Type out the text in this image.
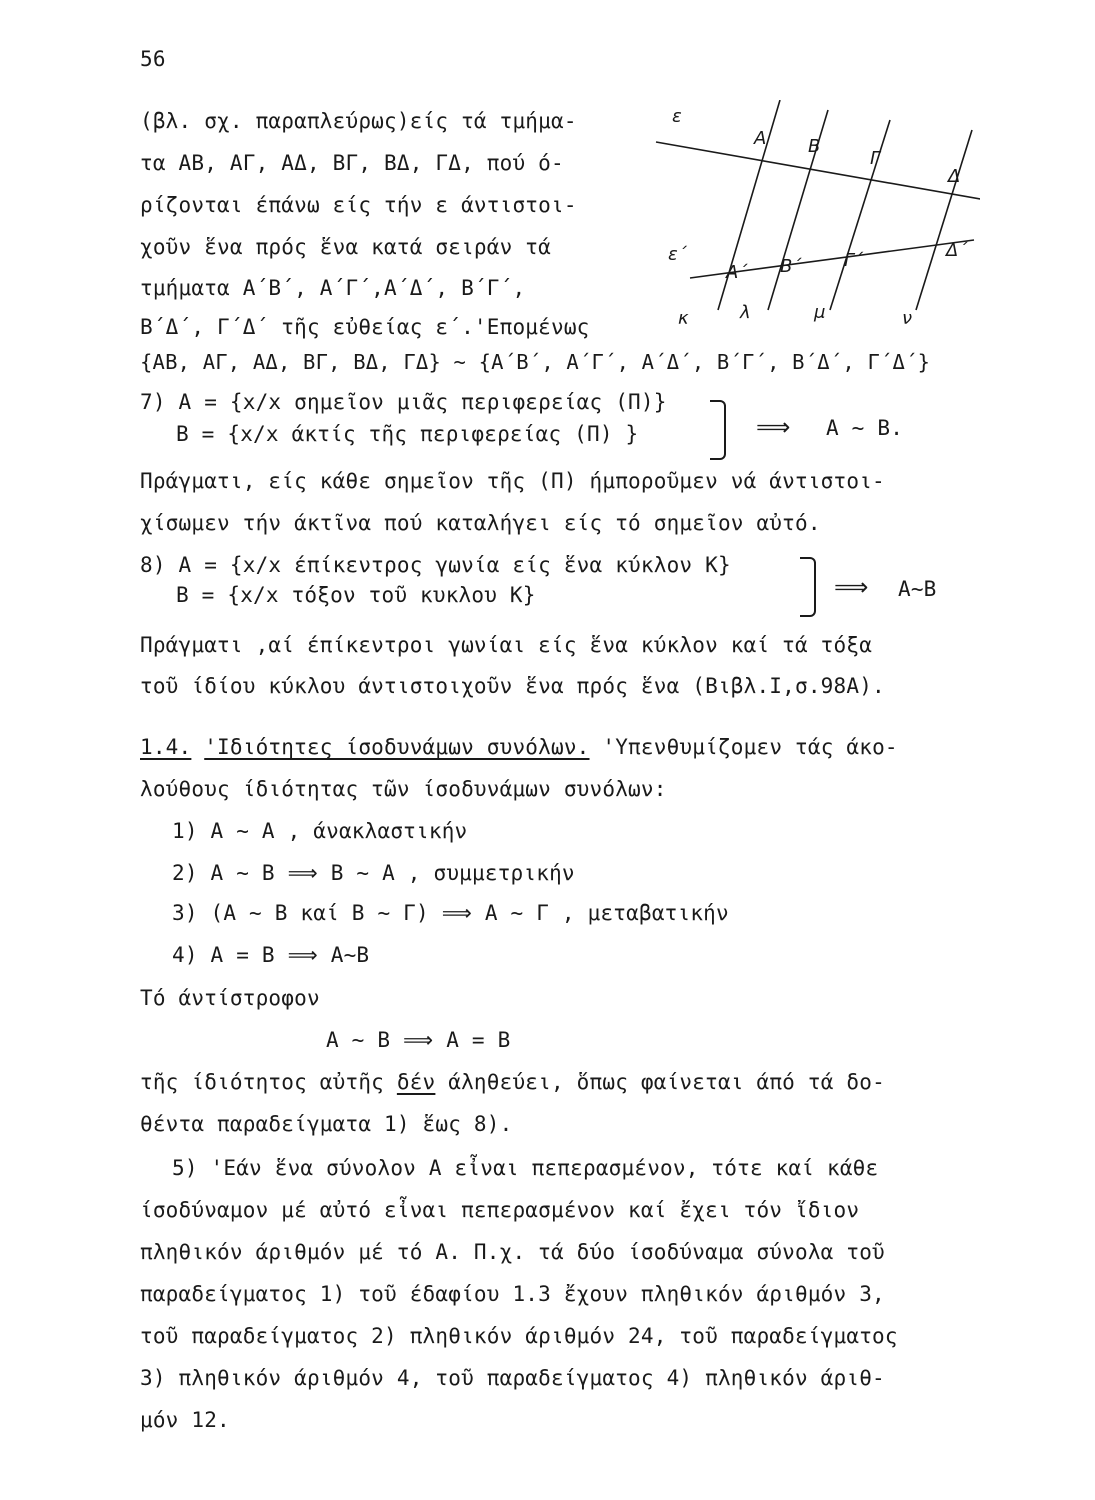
56
(βλ. σχ. παραπλεύρως)είς τά τμήμα-
τα ΑΒ, ΑΓ, ΑΔ, ΒΓ, ΒΔ, ΓΔ, πού ό-
ρίζονται έπάνω είς τήν ε άντιστοι-
χοῦν ἕνα πρός ἕνα κατά σειράν τά
τμήματα Α΄Β΄, Α΄Γ΄,Α΄Δ΄, Β΄Γ΄,
Β΄Δ΄, Γ΄Δ΄ τῆς εὐθείας ε΄.'Επομένως
ε
ε΄
Α Β
Γ
Δ
Α΄ Β΄ Γ΄	Δ΄
κ	λ	μ	ν
{ΑΒ, ΑΓ, ΑΔ, ΒΓ, ΒΔ, ΓΔ} ~ {Α΄Β΄, Α΄Γ΄, Α΄Δ΄, Β΄Γ΄, Β΄Δ΄, Γ΄Δ΄}
7) Α = {x/x σημεῖον μιᾶς περιφερείας (Π)}
Β = {x/x άκτίς τῆς περιφερείας (Π) }	⟹ Α ~ Β.
Πράγματι, είς κάθε σημεῖον τῆς (Π) ήμποροῦμεν νά άντιστοι-
χίσωμεν τήν άκτῖνα πού καταλήγει είς τό σημεῖον αὐτό.
8) Α = {x/x έπίκεντρος γωνία είς ἕνα κύκλον Κ}
Β = {x/x τόξον τοῦ κυκλου Κ}	⟹ Α~Β
Πράγματι ,αί έπίκεντροι γωνίαι είς ἕνα κύκλον καί τά τόξα
τοῦ ίδίου κύκλου άντιστοιχοῦν ἕνα πρός ἕνα (Βιβλ.Ι,σ.98Α).
1.4. 'Ιδιότητες ίσοδυνάμων συνόλων. 'Υπενθυμίζομεν τάς άκο-
λούθους ίδιότητας τῶν ίσοδυνάμων συνόλων:
1) Α ~ Α , άνακλαστικήν
2) Α ~ Β ⟹ Β ~ Α , συμμετρικήν
3) (Α ~ Β καί Β ~ Γ) ⟹ Α ~ Γ , μεταβατικήν
4) Α = Β ⟹ Α~Β
Τό άντίστροφον
Α ~ Β ⟹ Α = Β
τῆς ίδιότητος αὐτῆς δέν άληθεύει, ὅπως φαίνεται άπό τά δο-
θέντα παραδείγματα 1) ἕως 8).
5) 'Εάν ἕνα σύνολον Α εἶναι πεπερασμένον, τότε καί κάθε
ίσοδύναμον μέ αὐτό εἶναι πεπερασμένον καί ἔχει τόν ἴδιον
πληθικόν άριθμόν μέ τό Α. Π.χ. τά δύο ίσοδύναμα σύνολα τοῦ
παραδείγματος 1) τοῦ έδαφίου 1.3 ἔχουν πληθικόν άριθμόν 3,
τοῦ παραδείγματος 2) πληθικόν άριθμόν 24, τοῦ παραδείγματος
3) πληθικόν άριθμόν 4, τοῦ παραδείγματος 4) πληθικόν άριθ-
μόν 12.
